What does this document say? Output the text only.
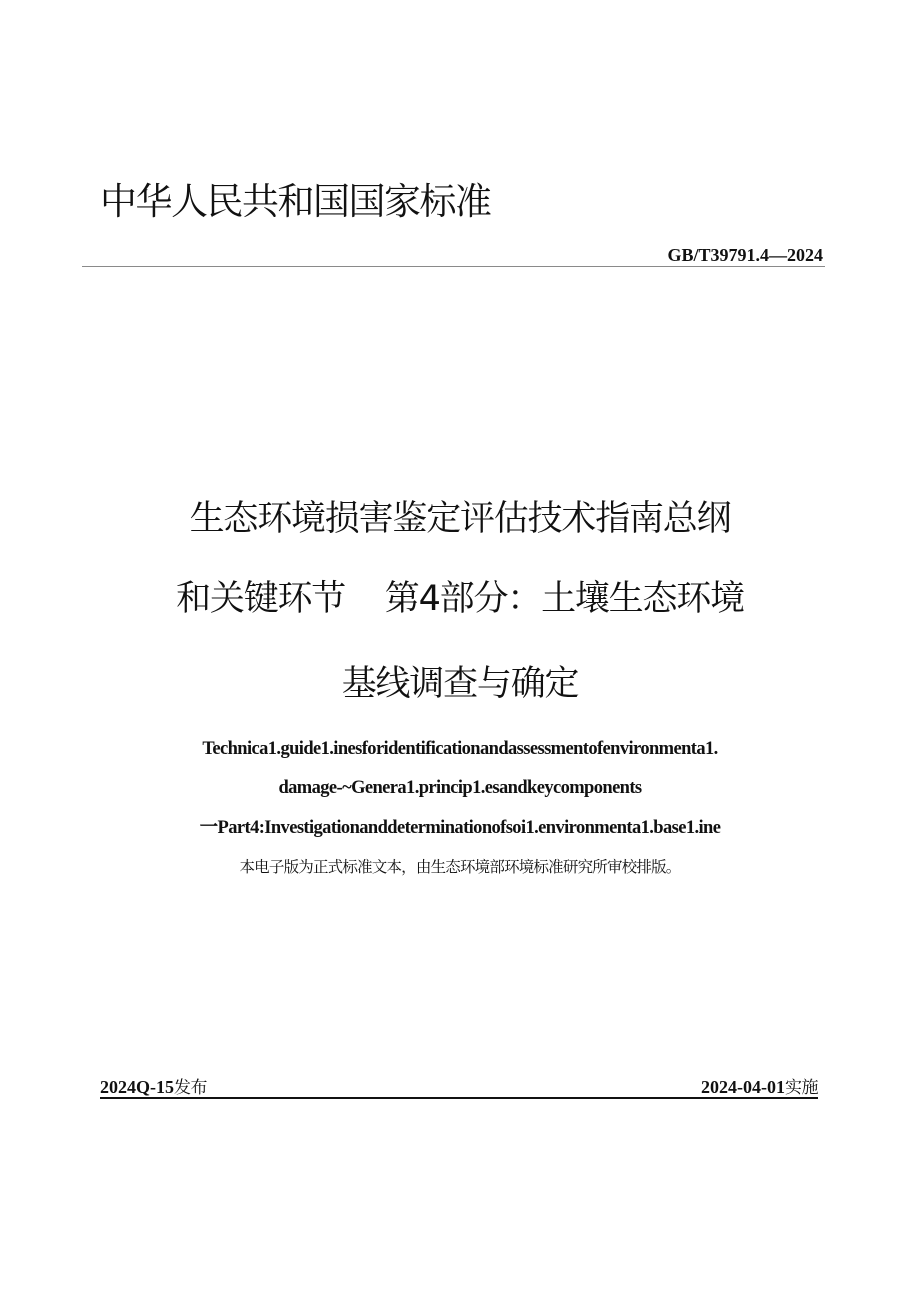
中华人民共和国国家标准
GB/T39791.4—2024
生态环境损害鉴定评估技术指南总纲
和关键环节    第4部分：土壤生态环境
基线调查与确定
Technica1.guide1.inesforidentificationandassessmentofenvironmenta1.
damage-~Genera1.princip1.esandkeycomponents
一Part4:Investigationanddeterminationofsoi1.environmenta1.base1.ine
本电子版为正式标准文本，由生态环境部环境标准研究所审校排版。
2024Q-15发布	2024-04-01实施
